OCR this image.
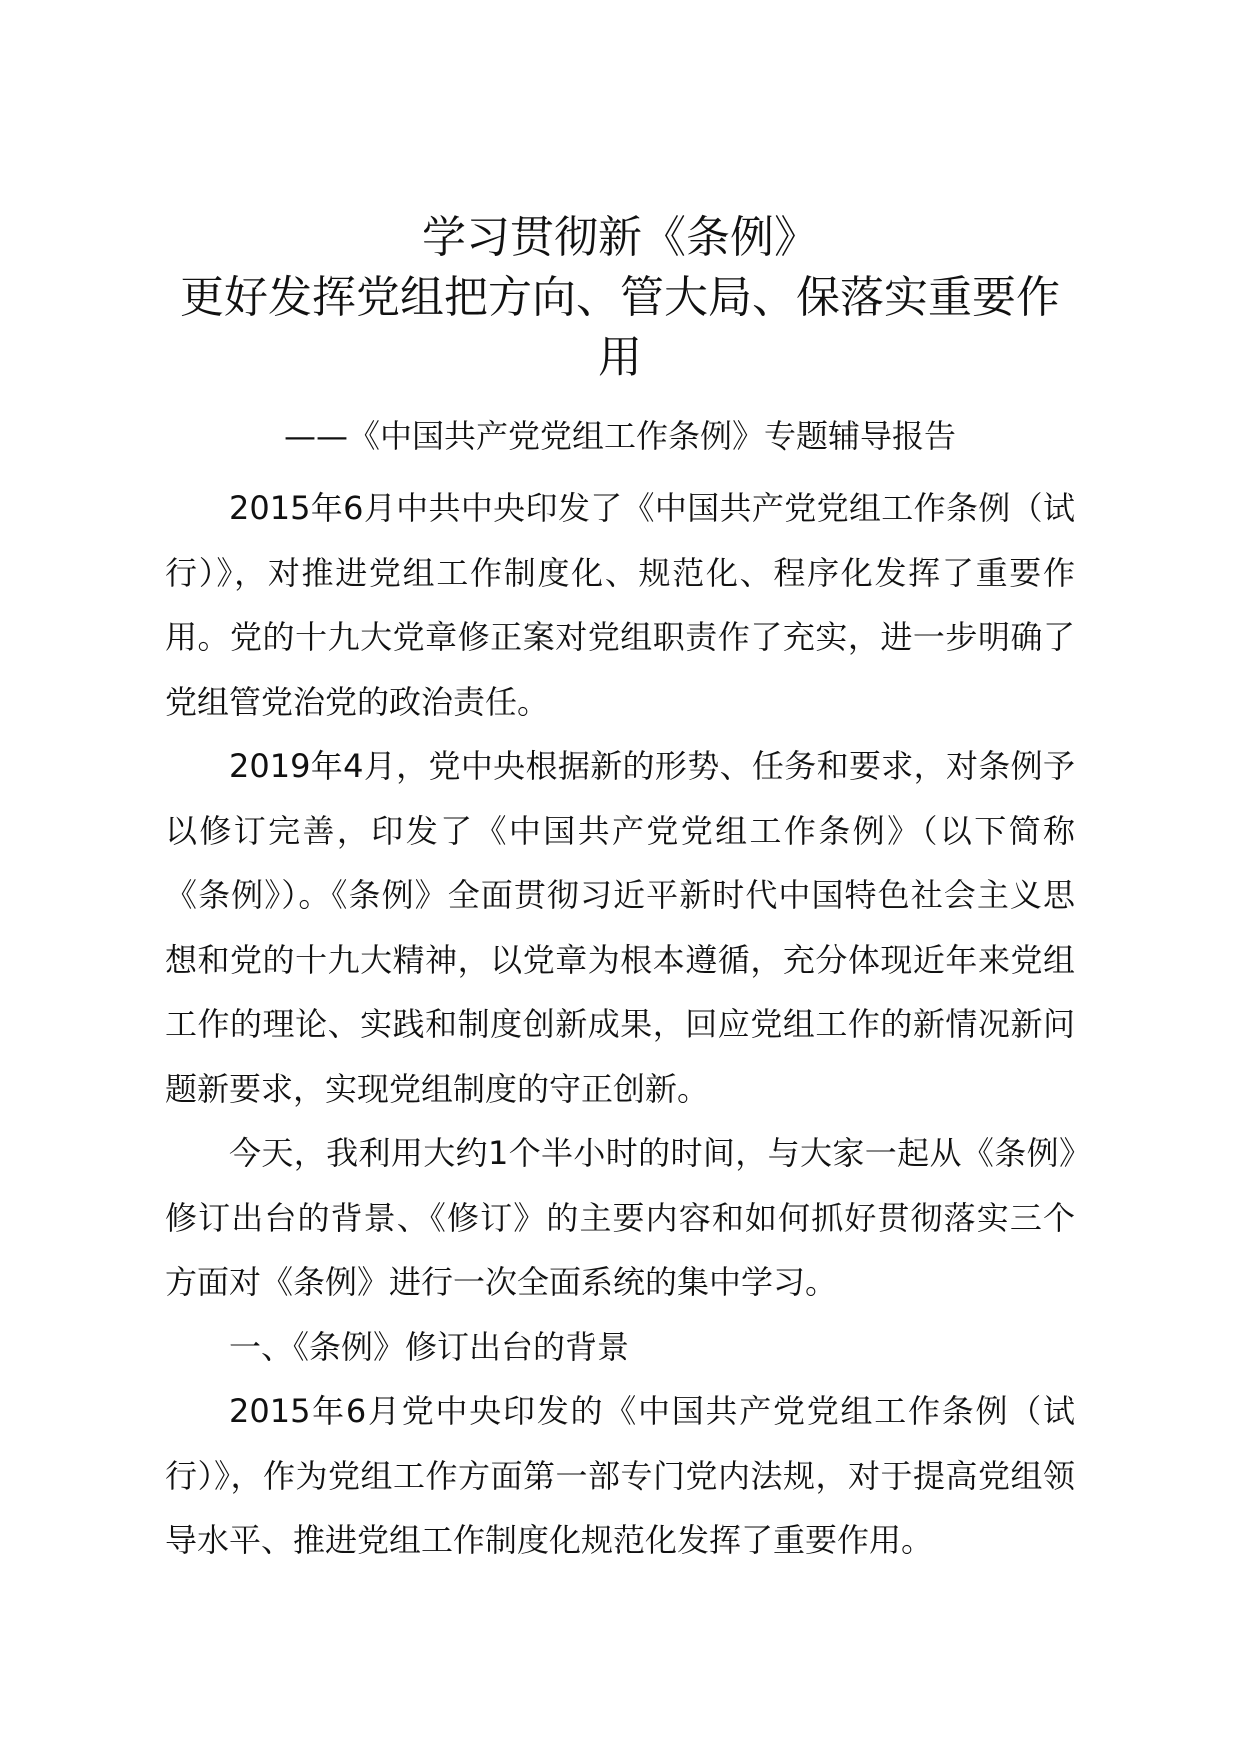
学习贯彻新《条例》
更好发挥党组把方向、管大局、保落实重要作
用
——《中国共产党党组工作条例》专题辅导报告

2015年6月中共中央印发了《中国共产党党组工作条例（试行）》，对推进党组工作制度化、规范化、程序化发挥了重要作用。党的十九大党章修正案对党组职责作了充实，进一步明确了党组管党治党的政治责任。

2019年4月，党中央根据新的形势、任务和要求，对条例予以修订完善，印发了《中国共产党党组工作条例》（以下简称《条例》）。《条例》全面贯彻习近平新时代中国特色社会主义思想和党的十九大精神，以党章为根本遵循，充分体现近年来党组工作的理论、实践和制度创新成果，回应党组工作的新情况新问题新要求，实现党组制度的守正创新。

今天，我利用大约1个半小时的时间，与大家一起从《条例》修订出台的背景、《修订》的主要内容和如何抓好贯彻落实三个方面对《条例》进行一次全面系统的集中学习。

一、《条例》修订出台的背景

2015年6月党中央印发的《中国共产党党组工作条例（试行）》，作为党组工作方面第一部专门党内法规，对于提高党组领导水平、推进党组工作制度化规范化发挥了重要作用。
